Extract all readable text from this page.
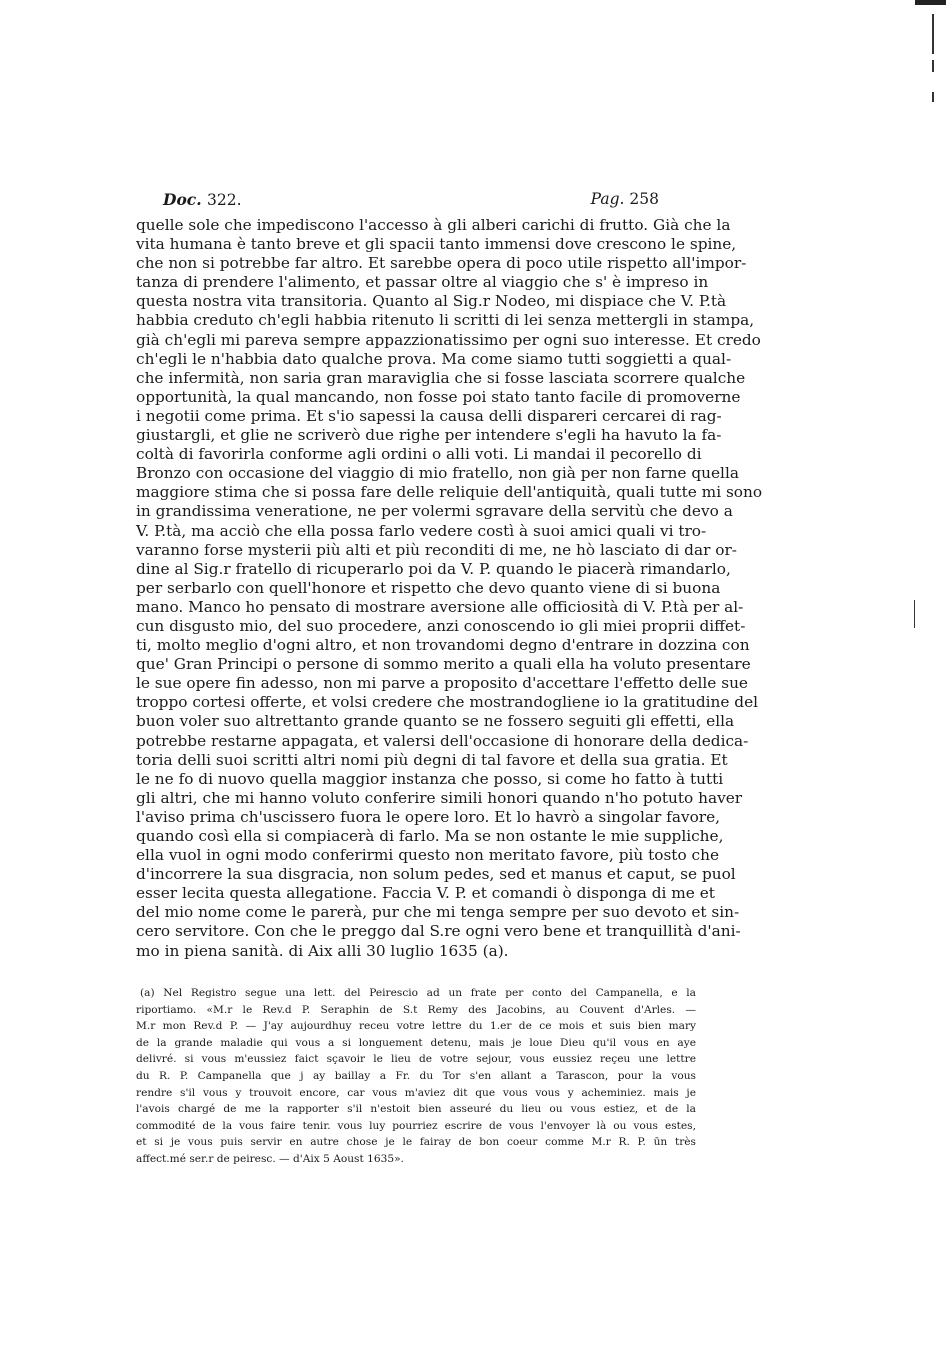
Doc. 322.	Pag. 258
quelle sole che impediscono l'accesso à gli alberi carichi di frutto. Già che la
vita humana è tanto breve et gli spacii tanto immensi dove crescono le spine,
che non si potrebbe far altro. Et sarebbe opera di poco utile rispetto all'impor-
tanza di prendere l'alimento, et passar oltre al viaggio che s' è impreso in
questa nostra vita transitoria. Quanto al Sig.r Nodeo, mi dispiace che V. P.tà
habbia creduto ch'egli habbia ritenuto li scritti di lei senza mettergli in stampa,
già ch'egli mi pareva sempre appazzionatissimo per ogni suo interesse. Et credo
ch'egli le n'habbia dato qualche prova. Ma come siamo tutti soggietti a qual-
che infermità, non saria gran maraviglia che si fosse lasciata scorrere qualche
opportunità, la qual mancando, non fosse poi stato tanto facile di promoverne
i negotii come prima. Et s'io sapessi la causa delli dispareri cercarei di rag-
giustargli, et glie ne scriverò due righe per intendere s'egli ha havuto la fa-
coltà di favorirla conforme agli ordini o alli voti. Li mandai il pecorello di
Bronzo con occasione del viaggio di mio fratello, non già per non farne quella
maggiore stima che si possa fare delle reliquie dell'antiquità, quali tutte mi sono
in grandissima veneratione, ne per volermi sgravare della servitù che devo a
V. P.tà, ma acciò che ella possa farlo vedere costì à suoi amici quali vi tro-
varanno forse mysterii più alti et più reconditi di me, ne hò lasciato di dar or-
dine al Sig.r fratello di ricuperarlo poi da V. P. quando le piacerà rimandarlo,
per serbarlo con quell'honore et rispetto che devo quanto viene di si buona
mano. Manco ho pensato di mostrare aversione alle officiosità di V. P.tà per al-
cun disgusto mio, del suo procedere, anzi conoscendo io gli miei proprii diffet-
ti, molto meglio d'ogni altro, et non trovandomi degno d'entrare in dozzina con
que' Gran Principi o persone di sommo merito a quali ella ha voluto presentare
le sue opere fin adesso, non mi parve a proposito d'accettare l'effetto delle sue
troppo cortesi offerte, et volsi credere che mostrandogliene io la gratitudine del
buon voler suo altrettanto grande quanto se ne fossero seguiti gli effetti, ella
potrebbe restarne appagata, et valersi dell'occasione di honorare della dedica-
toria delli suoi scritti altri nomi più degni di tal favore et della sua gratia. Et
le ne fo di nuovo quella maggior instanza che posso, si come ho fatto à tutti
gli altri, che mi hanno voluto conferire simili honori quando n'ho potuto haver
l'aviso prima ch'uscissero fuora le opere loro. Et lo havrò a singolar favore,
quando così ella si compiacerà di farlo. Ma se non ostante le mie suppliche,
ella vuol in ogni modo conferirmi questo non meritato favore, più tosto che
d'incorrere la sua disgracia, non solum pedes, sed et manus et caput, se puol
esser lecita questa allegatione. Faccia V. P. et comandi ò disponga di me et
del mio nome come le parerà, pur che mi tenga sempre per suo devoto et sin-
cero servitore. Con che le preggo dal S.re ogni vero bene et tranquillità d'ani-
mo in piena sanità. di Aix alli 30 luglio 1635 (a).
(a) Nel Registro segue una lett. del Peirescio ad un frate per conto del Campanella, e la
riportiamo. «M.r le Rev.d P. Seraphin de S.t Remy des Jacobins, au Couvent d'Arles. —
M.r mon Rev.d P. — J'ay aujourdhuy receu votre lettre du 1.er de ce mois et suis bien mary
de la grande maladie qui vous a si longuement detenu, mais je loue Dieu qu'il vous en aye
delivré. si vous m'eussiez faict sçavoir le lieu de votre sejour, vous eussiez reçeu une lettre
du R. P. Campanella que j ay baillay a Fr. du Tor s'en allant a Tarascon, pour la vous
rendre s'il vous y trouvoit encore, car vous m'aviez dit que vous vous y acheminiez. mais je
l'avois chargé de me la rapporter s'il n'estoit bien asseuré du lieu ou vous estiez, et de la
commodité de la vous faire tenir. vous luy pourriez escrire de vous l'envoyer là ou vous estes,
et si je vous puis servir en autre chose je le fairay de bon coeur comme M.r R. P. ūn très
affect.mé ser.r de peiresc. — d'Aix 5 Aoust 1635».
